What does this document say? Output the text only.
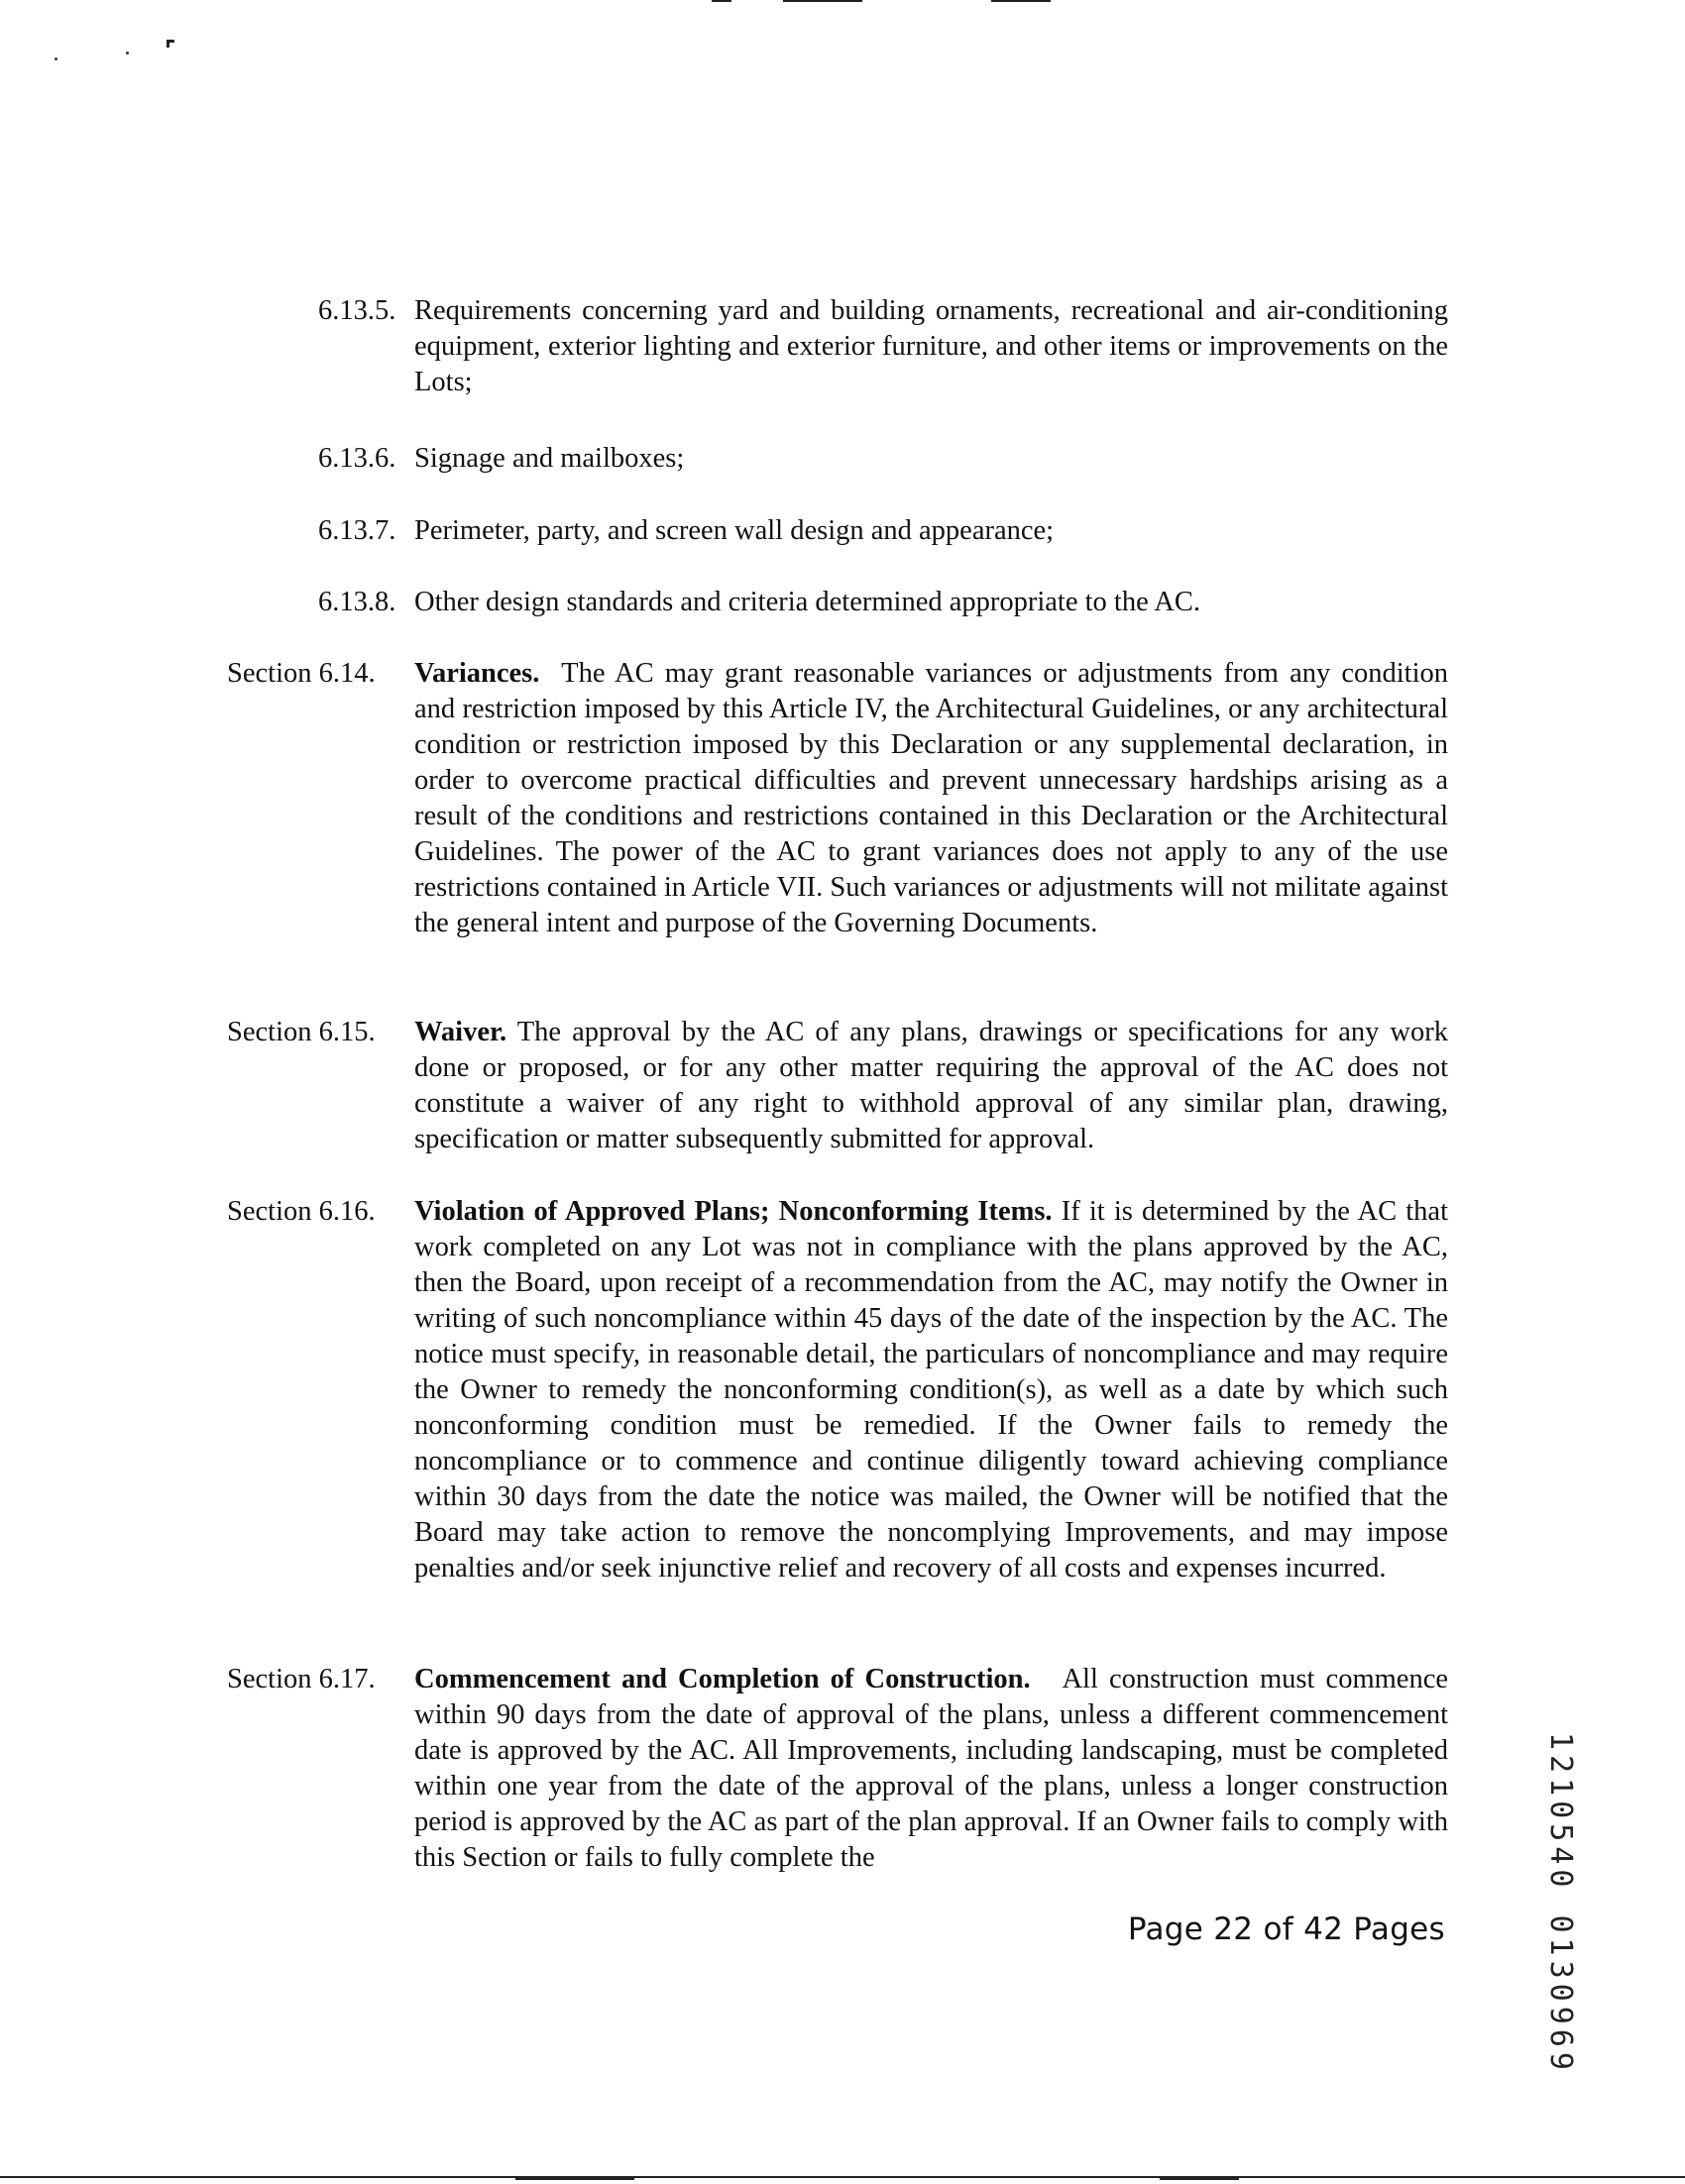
6.13.5. Requirements concerning yard and building ornaments, recreational and air-conditioning equipment, exterior lighting and exterior furniture, and other items or improvements on the Lots;
6.13.6. Signage and mailboxes;
6.13.7. Perimeter, party, and screen wall design and appearance;
6.13.8. Other design standards and criteria determined appropriate to the AC.
Section 6.14. Variances. The AC may grant reasonable variances or adjustments from any condition and restriction imposed by this Article IV, the Architectural Guidelines, or any architectural condition or restriction imposed by this Declaration or any supplemental declaration, in order to overcome practical difficulties and prevent unnecessary hardships arising as a result of the conditions and restrictions contained in this Declaration or the Architectural Guidelines. The power of the AC to grant variances does not apply to any of the use restrictions contained in Article VII. Such variances or adjustments will not militate against the general intent and purpose of the Governing Documents.
Section 6.15. Waiver. The approval by the AC of any plans, drawings or specifications for any work done or proposed, or for any other matter requiring the approval of the AC does not constitute a waiver of any right to withhold approval of any similar plan, drawing, specification or matter subsequently submitted for approval.
Section 6.16. Violation of Approved Plans; Nonconforming Items. If it is determined by the AC that work completed on any Lot was not in compliance with the plans approved by the AC, then the Board, upon receipt of a recommendation from the AC, may notify the Owner in writing of such noncompliance within 45 days of the date of the inspection by the AC. The notice must specify, in reasonable detail, the particulars of noncompliance and may require the Owner to remedy the nonconforming condition(s), as well as a date by which such nonconforming condition must be remedied. If the Owner fails to remedy the noncompliance or to commence and continue diligently toward achieving compliance within 30 days from the date the notice was mailed, the Owner will be notified that the Board may take action to remove the noncomplying Improvements, and may impose penalties and/or seek injunctive relief and recovery of all costs and expenses incurred.
Section 6.17. Commencement and Completion of Construction. All construction must commence within 90 days from the date of approval of the plans, unless a different commencement date is approved by the AC. All Improvements, including landscaping, must be completed within one year from the date of the approval of the plans, unless a longer construction period is approved by the AC as part of the plan approval. If an Owner fails to comply with this Section or fails to fully complete the
Page 22 of 42 Pages	1210540 0130969
